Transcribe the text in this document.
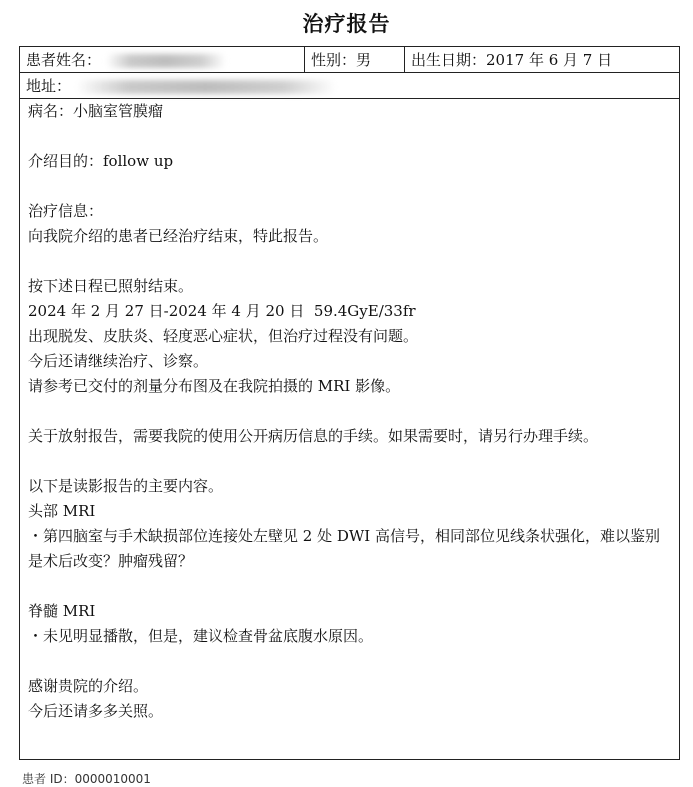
治疗报告
患者姓名：	性别：男	出生日期：2017 年 6 月 7 日
地址：

病名：小脑室管膜瘤

介绍目的：follow up

治疗信息：

向我院介绍的患者已经治疗结束，特此报告。

按下述日程已照射结束。

2024 年 2 月 27 日-2024 年 4 月 20 日  59.4GyE/33fr

出现脱发、皮肤炎、轻度恶心症状，但治疗过程没有问题。

今后还请继续治疗、诊察。

请参考已交付的剂量分布图及在我院拍摄的 MRI 影像。

关于放射报告，需要我院的使用公开病历信息的手续。如果需要时，请另行办理手续。

以下是读影报告的主要内容。

头部 MRI

・第四脑室与手术缺损部位连接处左壁见 2 处 DWI 高信号，相同部位见线条状强化，难以鉴别是术后改变？肿瘤残留？

脊髓 MRI

・未见明显播散，但是，建议检查骨盆底腹水原因。

感谢贵院的介绍。

今后还请多多关照。

患者 ID：0000010001
